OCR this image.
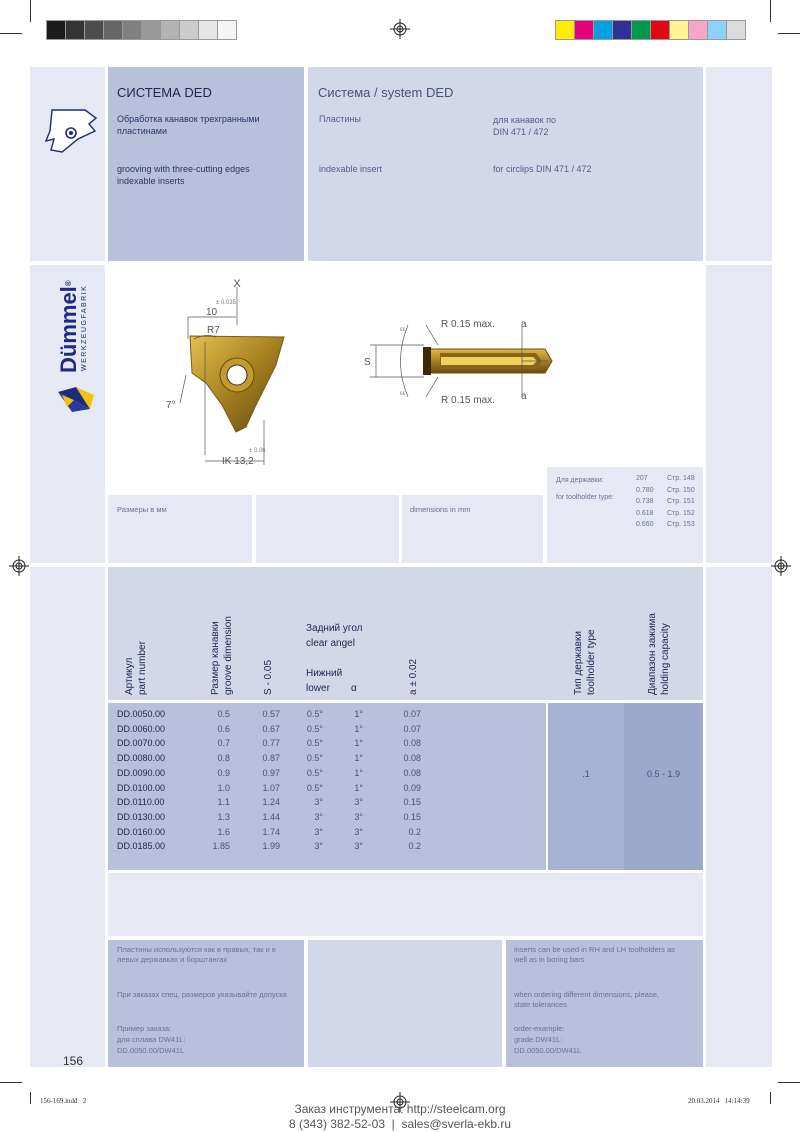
СИСТЕМА DED
Обработка канавок трехгранными пластинами
grooving with three-cutting edges indexable inserts
Система / system DED
Пластины
indexable insert
для канавок по
DIN 471 / 472
for circlips DIN 471 / 472
Dümmel®
WERKZEUGFABRIK
X
± 0.035
10
R7
7°
± 0.06
IK 13,2
εε
εε
R 0.15 max.
R 0.15 max.
S
a
a
Размеры в мм	dimensions in mm
Для державки:
for toolholder type:
207	Стр. 148
0.780 Стр. 150
0.738 Стр. 151
0.618 Стр. 152
0.660 Стр. 153
156
Артикул part number	Размер канавки groove dimension	S - 0.05
Задний угол
clear angel
Нижний
lower α	a ± 0.02	Тип державки toolholder type	Диапазон зажима holding capacity
.1	0.5 - 1.9
DD.0050.00	0.5	0.57	0.5°	1°	0.07
DD.0060.00	0.6	0.67	0.5°	1°	0.07
DD.0070.00	0.7	0.77	0.5°	1°	0.08
DD.0080.00	0.8	0.87	0.5°	1°	0.08
DD.0090.00	0.9	0.97	0.5°	1°	0.08
DD.0100.00	1.0	1.07	0.5°	1°	0.09
DD.0110.00	1.1	1.24	3°	3°	0.15
DD.0130.00	1.3	1.44	3°	3°	0.15
DD.0160.00	1.6	1.74	3°	3°	0.2
DD.0185.00	1.85	1.99	3°	3°	0.2
Пластины используются как в правых, так и в левых державках и борштангах
При заказах спец. размеров указывайте допуска
Пример заказа:
для сплава DW41L:
DD.0050.00/DW41L
inserts can be used in RH and LH toolholders as well as in boring bars
when ordering different dimensions, please, state tolerances
order-example:
grade DW41L:
DD.0050.00/DW41L
156-169.indd   2	20.03.2014   14:14:39
Заказ инструмента: http://steelcam.org
8 (343) 382-52-03  |  sales@sverla-ekb.ru
